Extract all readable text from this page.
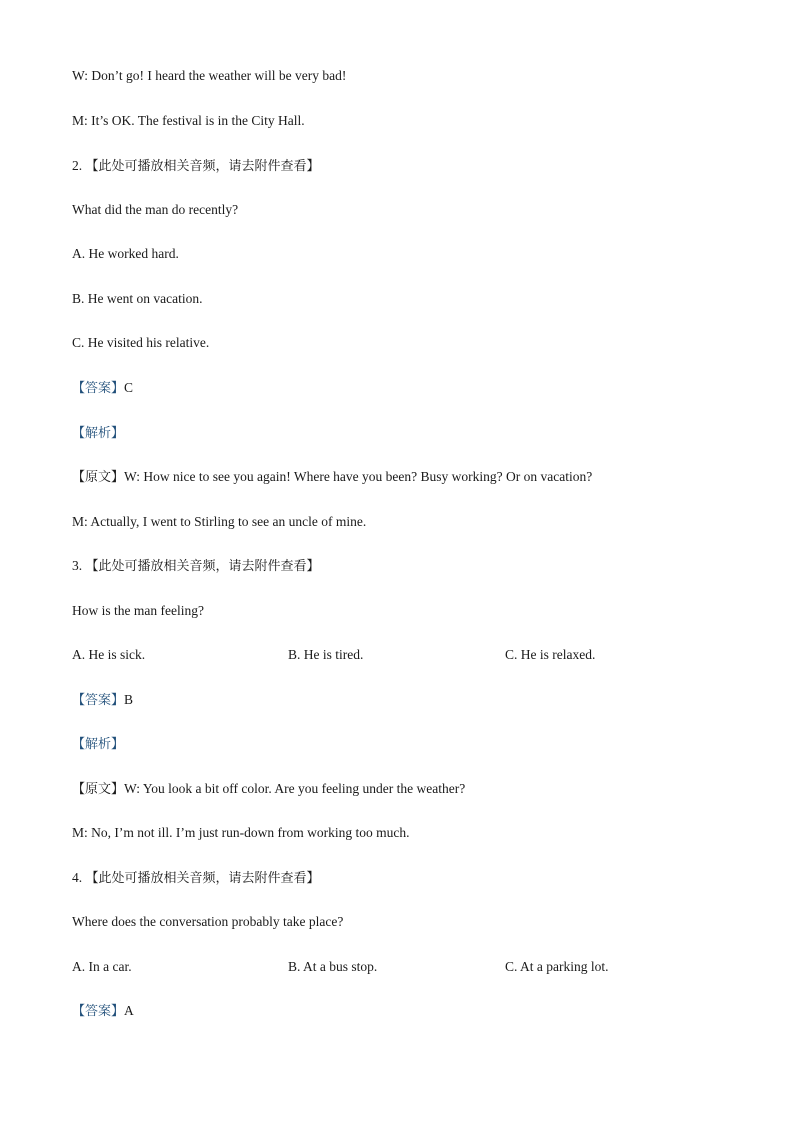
W: Don’t go! I heard the weather will be very bad!
M: It’s OK. The festival is in the City Hall.
2. 【此处可播放相关音频，请去附件查看】
What did the man do recently?
A. He worked hard.
B. He went on vacation.
C. He visited his relative.
【答案】C
【解析】
【原文】W: How nice to see you again! Where have you been? Busy working? Or on vacation?
M: Actually, I went to Stirling to see an uncle of mine.
3. 【此处可播放相关音频，请去附件查看】
How is the man feeling?
A. He is sick.	B. He is tired.	C. He is relaxed.
【答案】B
【解析】
【原文】W: You look a bit off color. Are you feeling under the weather?
M: No, I’m not ill. I’m just run-down from working too much.
4. 【此处可播放相关音频，请去附件查看】
Where does the conversation probably take place?
A. In a car.	B. At a bus stop.	C. At a parking lot.
【答案】A
